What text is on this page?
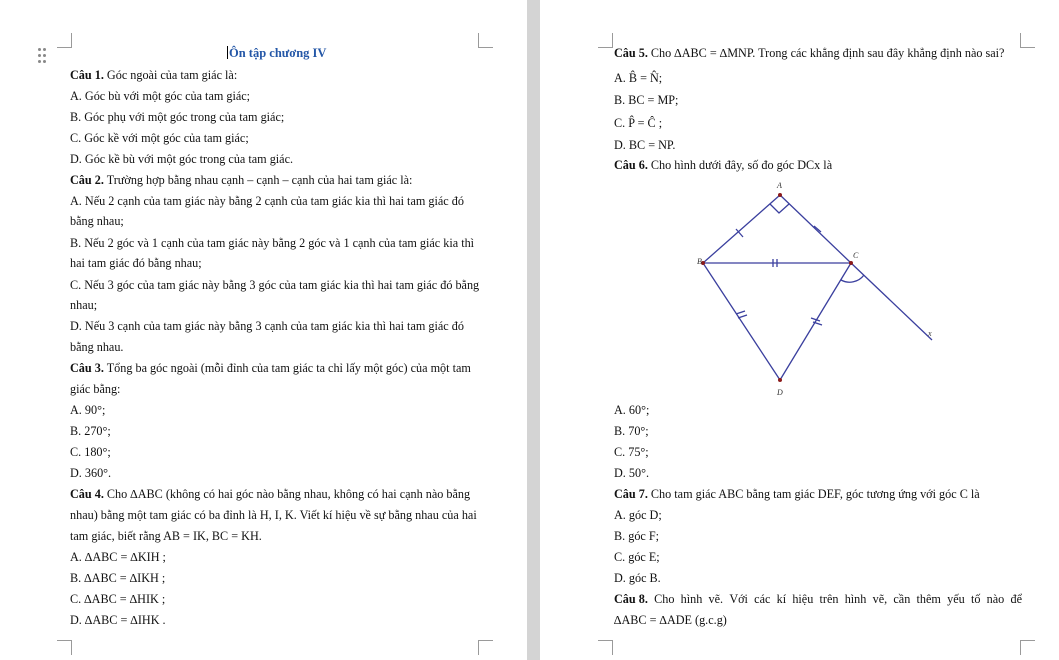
Ôn tập chương IV
Câu 1. Góc ngoài của tam giác là:
A. Góc bù với một góc của tam giác;
B. Góc phụ với một góc trong của tam giác;
C. Góc kề với một góc của tam giác;
D. Góc kề bù với một góc trong của tam giác.
Câu 2. Trường hợp bằng nhau cạnh – cạnh – cạnh của hai tam giác là:
A. Nếu 2 cạnh của tam giác này bằng 2 cạnh của tam giác kia thì hai tam giác đó
bằng nhau;
B. Nếu 2 góc và 1 cạnh của tam giác này bằng 2 góc và 1 cạnh của tam giác kia thì
hai tam giác đó bằng nhau;
C. Nếu 3 góc của tam giác này bằng 3 góc của tam giác kia thì hai tam giác đó bằng
nhau;
D. Nếu 3 cạnh của tam giác này bằng 3 cạnh của tam giác kia thì hai tam giác đó
bằng nhau.
Câu 3. Tổng ba góc ngoài (mỗi đỉnh của tam giác ta chỉ lấy một góc) của một tam
giác bằng:
A. 90°;
B. 270°;
C. 180°;
D. 360°.
Câu 4. Cho ∆ABC (không có hai góc nào bằng nhau, không có hai cạnh nào bằng
nhau) bằng một tam giác có ba đỉnh là H, I, K. Viết kí hiệu về sự bằng nhau của hai
tam giác, biết rằng AB = IK, BC = KH.
A. ∆ABC = ∆KIH ;
B. ∆ABC = ∆IKH ;
C. ∆ABC = ∆HIK ;
D. ∆ABC = ∆IHK .
Câu 5. Cho ∆ABC = ∆MNP. Trong các khẳng định sau đây khẳng định nào sai?
A. B̂ = N̂;
B. BC = MP;
C. P̂ = Ĉ ;
D. BC = NP.
Câu 6. Cho hình dưới đây, số đo góc DCx là
A
B
C
D
x
A. 60°;
B. 70°;
C. 75°;
D. 50°.
Câu 7. Cho tam giác ABC bằng tam giác DEF, góc tương ứng với góc C là
A. góc D;
B. góc F;
C. góc E;
D. góc B.
Câu 8. Cho hình vẽ. Với các kí hiệu trên hình vẽ, cần thêm yếu tố nào để
∆ABC = ∆ADE (g.c.g)
